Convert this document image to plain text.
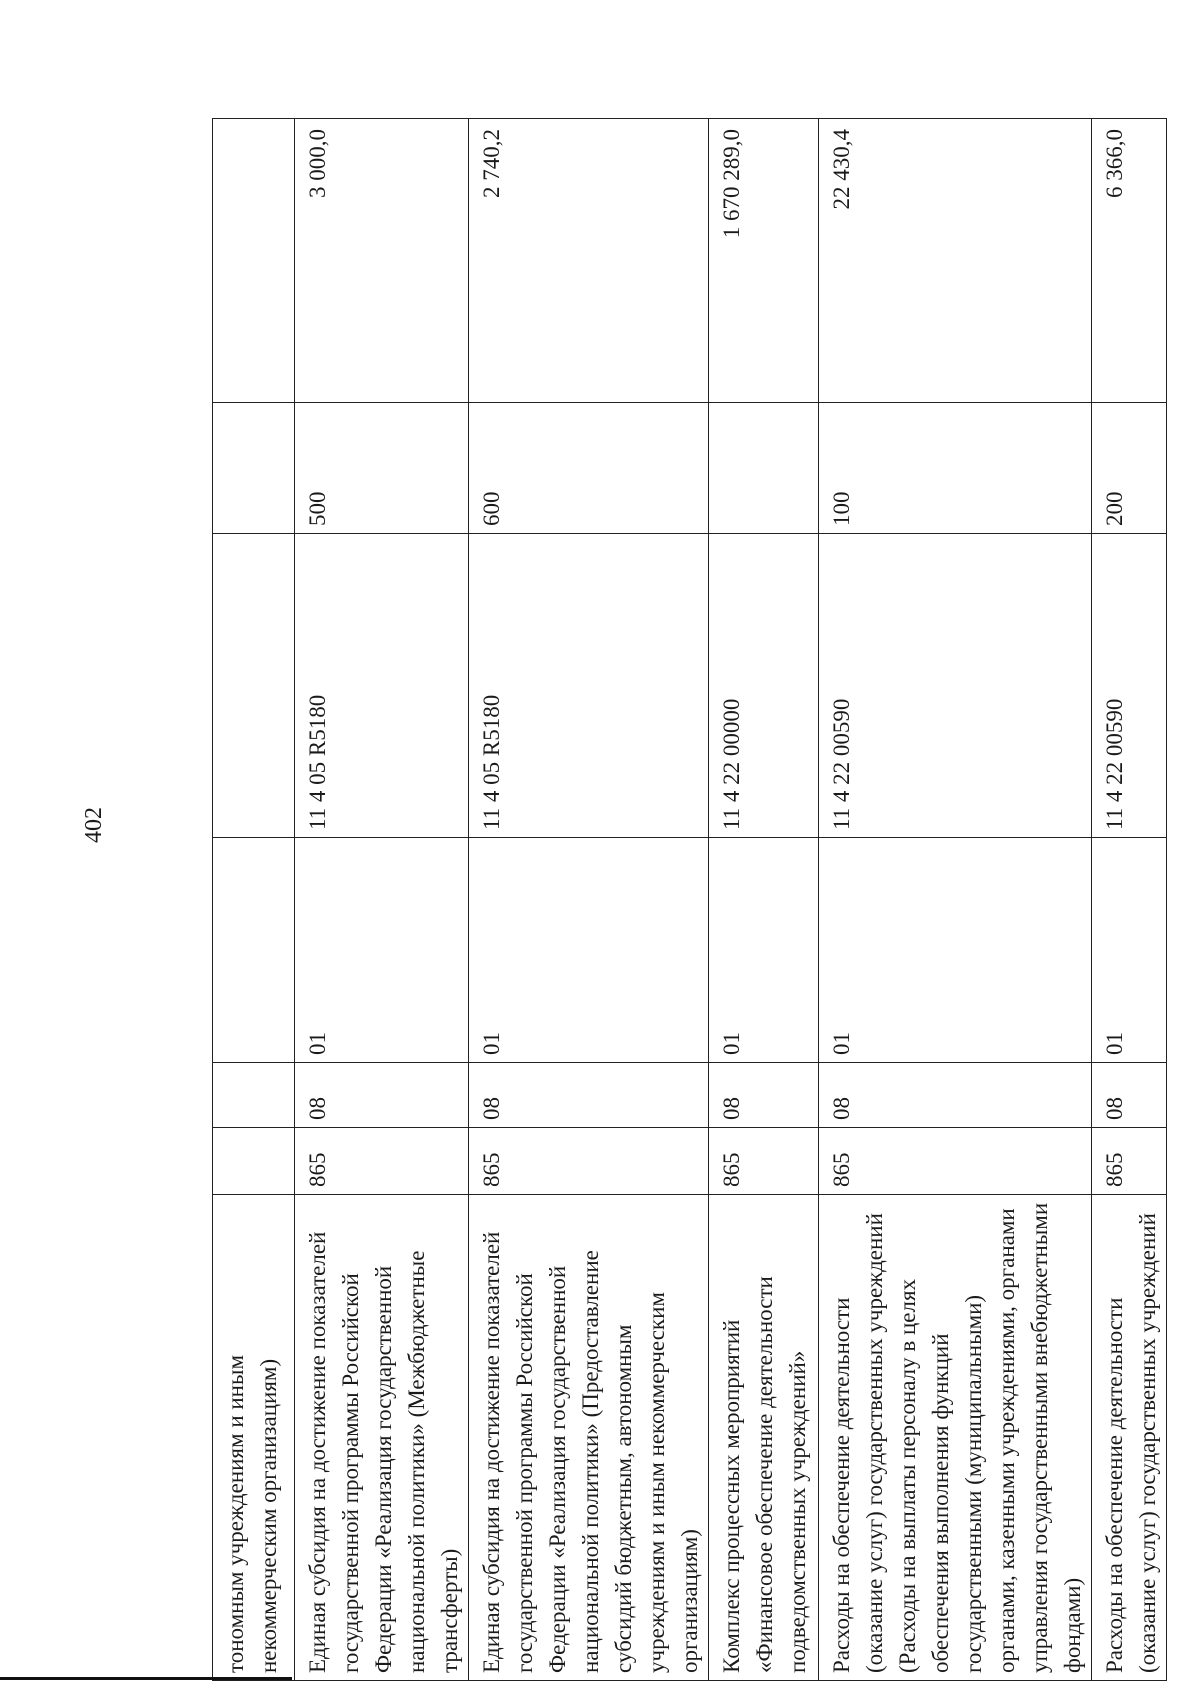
402
тономным учреждениям и иным некоммерческим организациям)						
Единая субсидия на достижение показателей государственной программы Российской Федерации «Реализация государственной национальной политики» (Межбюджетные трансферты)	865	08	01	11 4 05 R5180	500	3 000,0
Единая субсидия на достижение показателей государственной программы Российской Федерации «Реализация государственной национальной политики» (Предоставление субсидий бюджетным, автономным учреждениям и иным некоммерческим организациям)	865	08	01	11 4 05 R5180	600	2 740,2
Комплекс процессных мероприятий «Финансовое обеспечение деятельности подведомственных учреждений»	865	08	01	11 4 22 00000		1 670 289,0
Расходы на обеспечение деятельности (оказание услуг) государственных учреждений (Расходы на выплаты персоналу в целях обеспечения выполнения функций государственными (муниципальными) органами, казенными учреждениями, органами управления государственными внебюджетными фондами)	865	08	01	11 4 22 00590	100	22 430,4
Расходы на обеспечение деятельности (оказание услуг) государственных учреждений	865	08	01	11 4 22 00590	200	6 366,0
